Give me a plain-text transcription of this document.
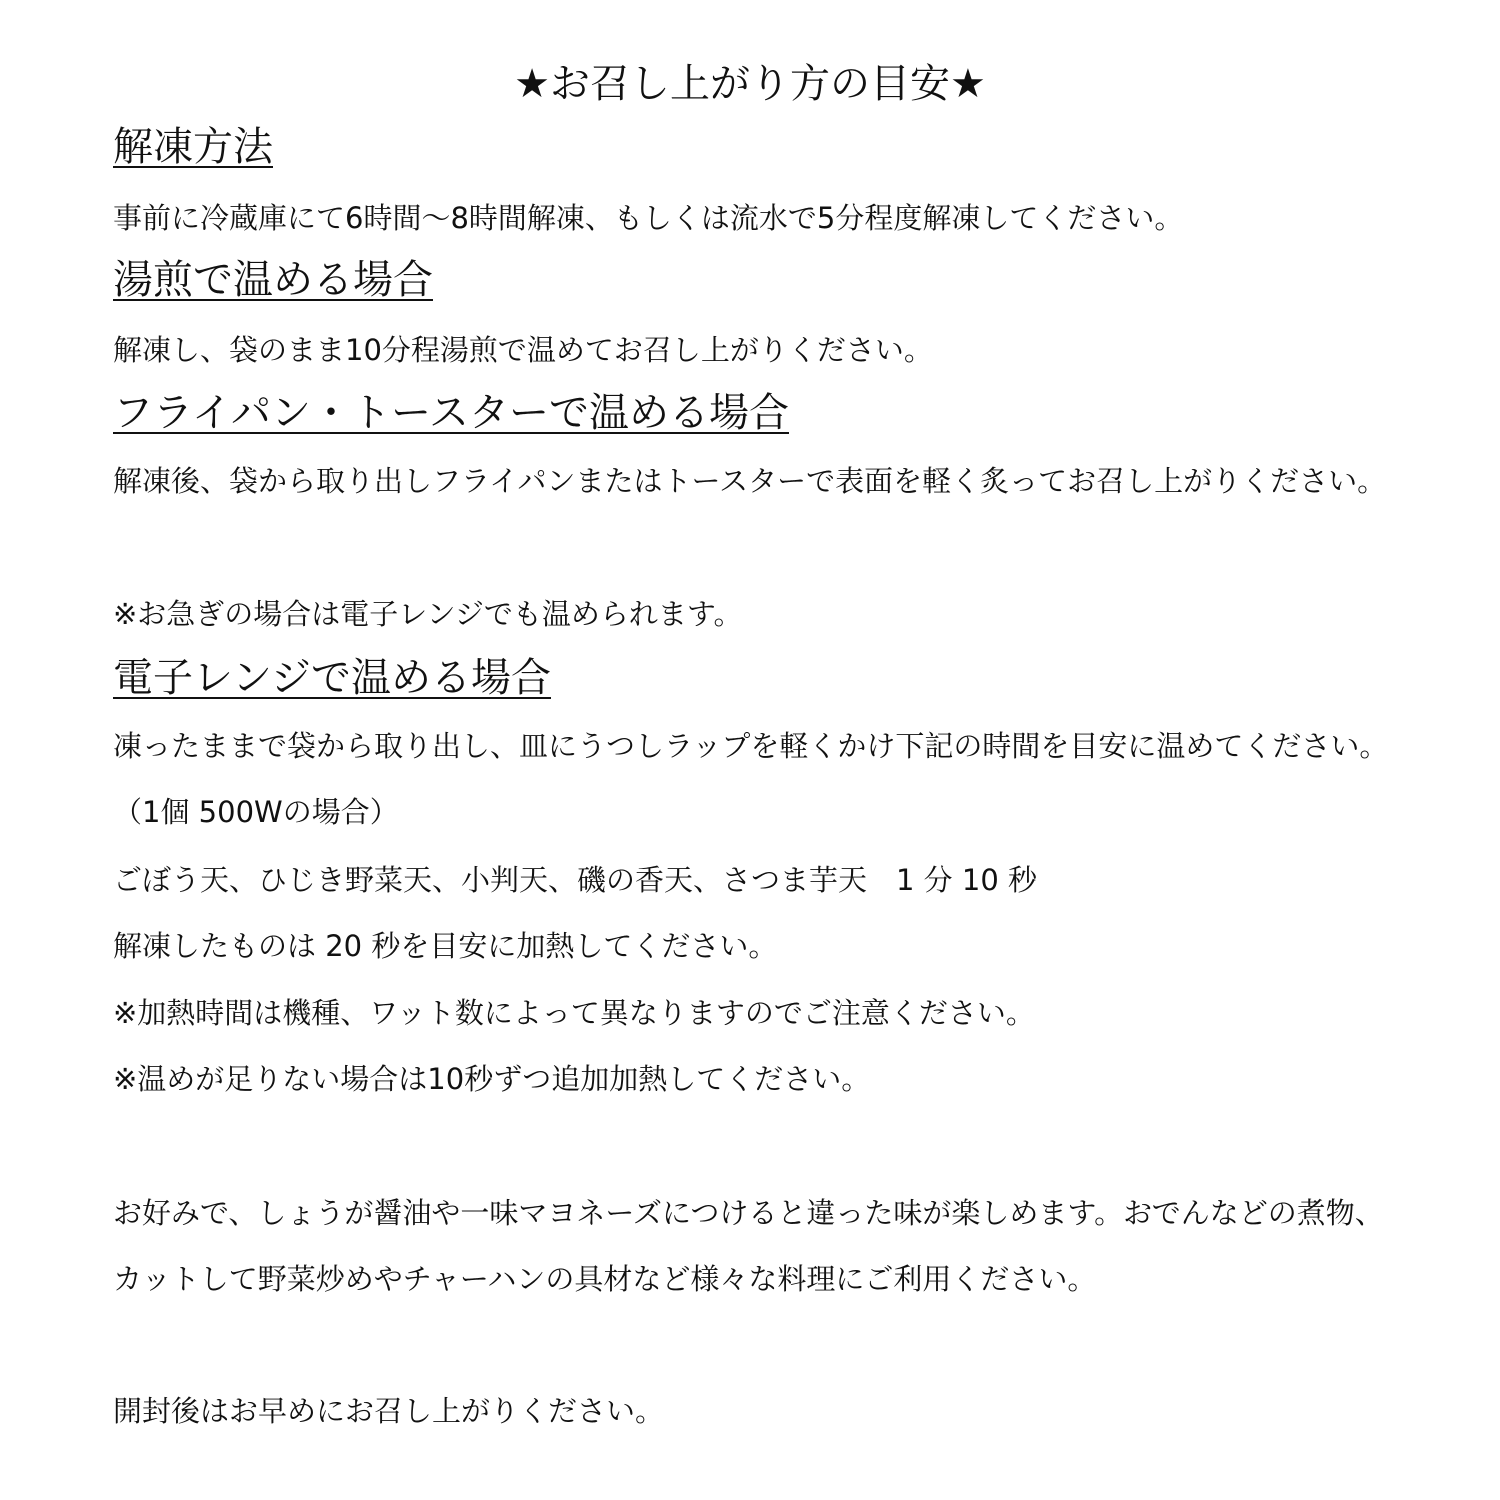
★お召し上がり方の目安★
解凍方法
事前に冷蔵庫にて6時間～8時間解凍、もしくは流水で5分程度解凍してください。
湯煎で温める場合
解凍し、袋のまま10分程湯煎で温めてお召し上がりください。
フライパン・トースターで温める場合
解凍後、袋から取り出しフライパンまたはトースターで表面を軽く炙ってお召し上がりください。
※お急ぎの場合は電子レンジでも温められます。
電子レンジで温める場合
凍ったままで袋から取り出し、皿にうつしラップを軽くかけ下記の時間を目安に温めてください。（1個 500Wの場合）
ごぼう天、ひじき野菜天、小判天、磯の香天、さつま芋天　1 分 10 秒
解凍したものは 20 秒を目安に加熱してください。
※加熱時間は機種、ワット数によって異なりますのでご注意ください。
※温めが足りない場合は10秒ずつ追加加熱してください。
お好みで、しょうが醤油や一味マヨネーズにつけると違った味が楽しめます。おでんなどの煮物、カットして野菜炒めやチャーハンの具材など様々な料理にご利用ください。
開封後はお早めにお召し上がりください。
